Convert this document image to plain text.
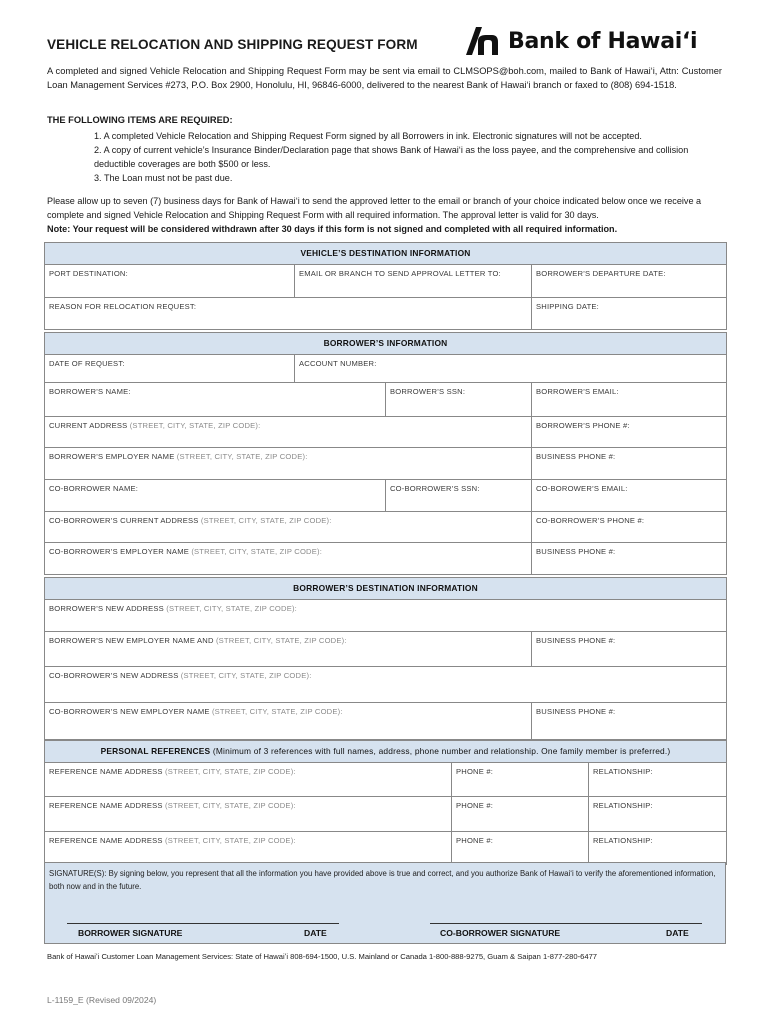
VEHICLE RELOCATION AND SHIPPING REQUEST FORM	Bank of Hawaiʻi
A completed and signed Vehicle Relocation and Shipping Request Form may be sent via email to CLMSOPS@boh.com, mailed to Bank of Hawaiʻi, Attn: Customer Loan Management Services #273, P.O. Box 2900, Honolulu, HI, 96846-6000, delivered to the nearest Bank of Hawaiʻi branch or faxed to (808) 694-1518.
THE FOLLOWING ITEMS ARE REQUIRED:
1. A completed Vehicle Relocation and Shipping Request Form signed by all Borrowers in ink. Electronic signatures will not be accepted.
2. A copy of current vehicle’s Insurance Binder/Declaration page that shows Bank of Hawaiʻi as the loss payee, and the comprehensive and collision deductible coverages are both $500 or less.
3. The Loan must not be past due.
Please allow up to seven (7) business days for Bank of Hawaiʻi to send the approved letter to the email or branch of your choice indicated below once we receive a complete and signed Vehicle Relocation and Shipping Request Form with all required information. The approval letter is valid for 30 days.
Note: Your request will be considered withdrawn after 30 days if this form is not signed and completed with all required information.
VEHICLE’S DESTINATION INFORMATION		
PORT DESTINATION:	EMAIL OR BRANCH TO SEND APPROVAL LETTER TO:	BORROWER’S DEPARTURE DATE:
REASON FOR RELOCATION REQUEST:		SHIPPING DATE:
BORROWER’S INFORMATION			
DATE OF REQUEST:	ACCOUNT NUMBER:		
BORROWER’S NAME:		BORROWER’S SSN:	BORROWER’S EMAIL:
CURRENT ADDRESS (STREET, CITY, STATE, ZIP CODE):			BORROWER’S PHONE #:
BORROWER’S EMPLOYER NAME (STREET, CITY, STATE, ZIP CODE):			BUSINESS PHONE #:
CO-BORROWER NAME:		CO-BORROWER’S SSN:	CO-BOROWER’S EMAIL:
CO-BORROWER’S CURRENT ADDRESS (STREET, CITY, STATE, ZIP CODE):			CO-BORROWER’S PHONE #:
CO-BORROWER’S EMPLOYER NAME (STREET, CITY, STATE, ZIP CODE):			BUSINESS PHONE #:
BORROWER’S DESTINATION INFORMATION	
BORROWER’S NEW ADDRESS (STREET, CITY, STATE, ZIP CODE):	
BORROWER’S NEW EMPLOYER NAME AND (STREET, CITY, STATE, ZIP CODE):	BUSINESS PHONE #:
CO-BORROWER’S NEW ADDRESS (STREET, CITY, STATE, ZIP CODE):	
CO-BORROWER’S NEW EMPLOYER NAME (STREET, CITY, STATE, ZIP CODE):	BUSINESS PHONE #:
PERSONAL REFERENCES (Minimum of 3 references with full names, address, phone number and relationship. One family member is preferred.)		
REFERENCE NAME ADDRESS (STREET, CITY, STATE, ZIP CODE):	PHONE #:	RELATIONSHIP:
REFERENCE NAME ADDRESS (STREET, CITY, STATE, ZIP CODE):	PHONE #:	RELATIONSHIP:
REFERENCE NAME ADDRESS (STREET, CITY, STATE, ZIP CODE):	PHONE #:	RELATIONSHIP:
SIGNATURE(S): By signing below, you represent that all the information you have provided above is true and correct, and you authorize Bank of Hawaiʻi to verify the aforementioned information, both now and in the future.
BORROWER SIGNATURE	DATE	CO-BORROWER SIGNATURE	DATE
Bank of Hawaiʻi Customer Loan Management Services: State of Hawaiʻi 808-694-1500, U.S. Mainland or Canada 1-800-888-9275, Guam & Saipan 1-877-280-6477
L-1159_E (Revised 09/2024)
